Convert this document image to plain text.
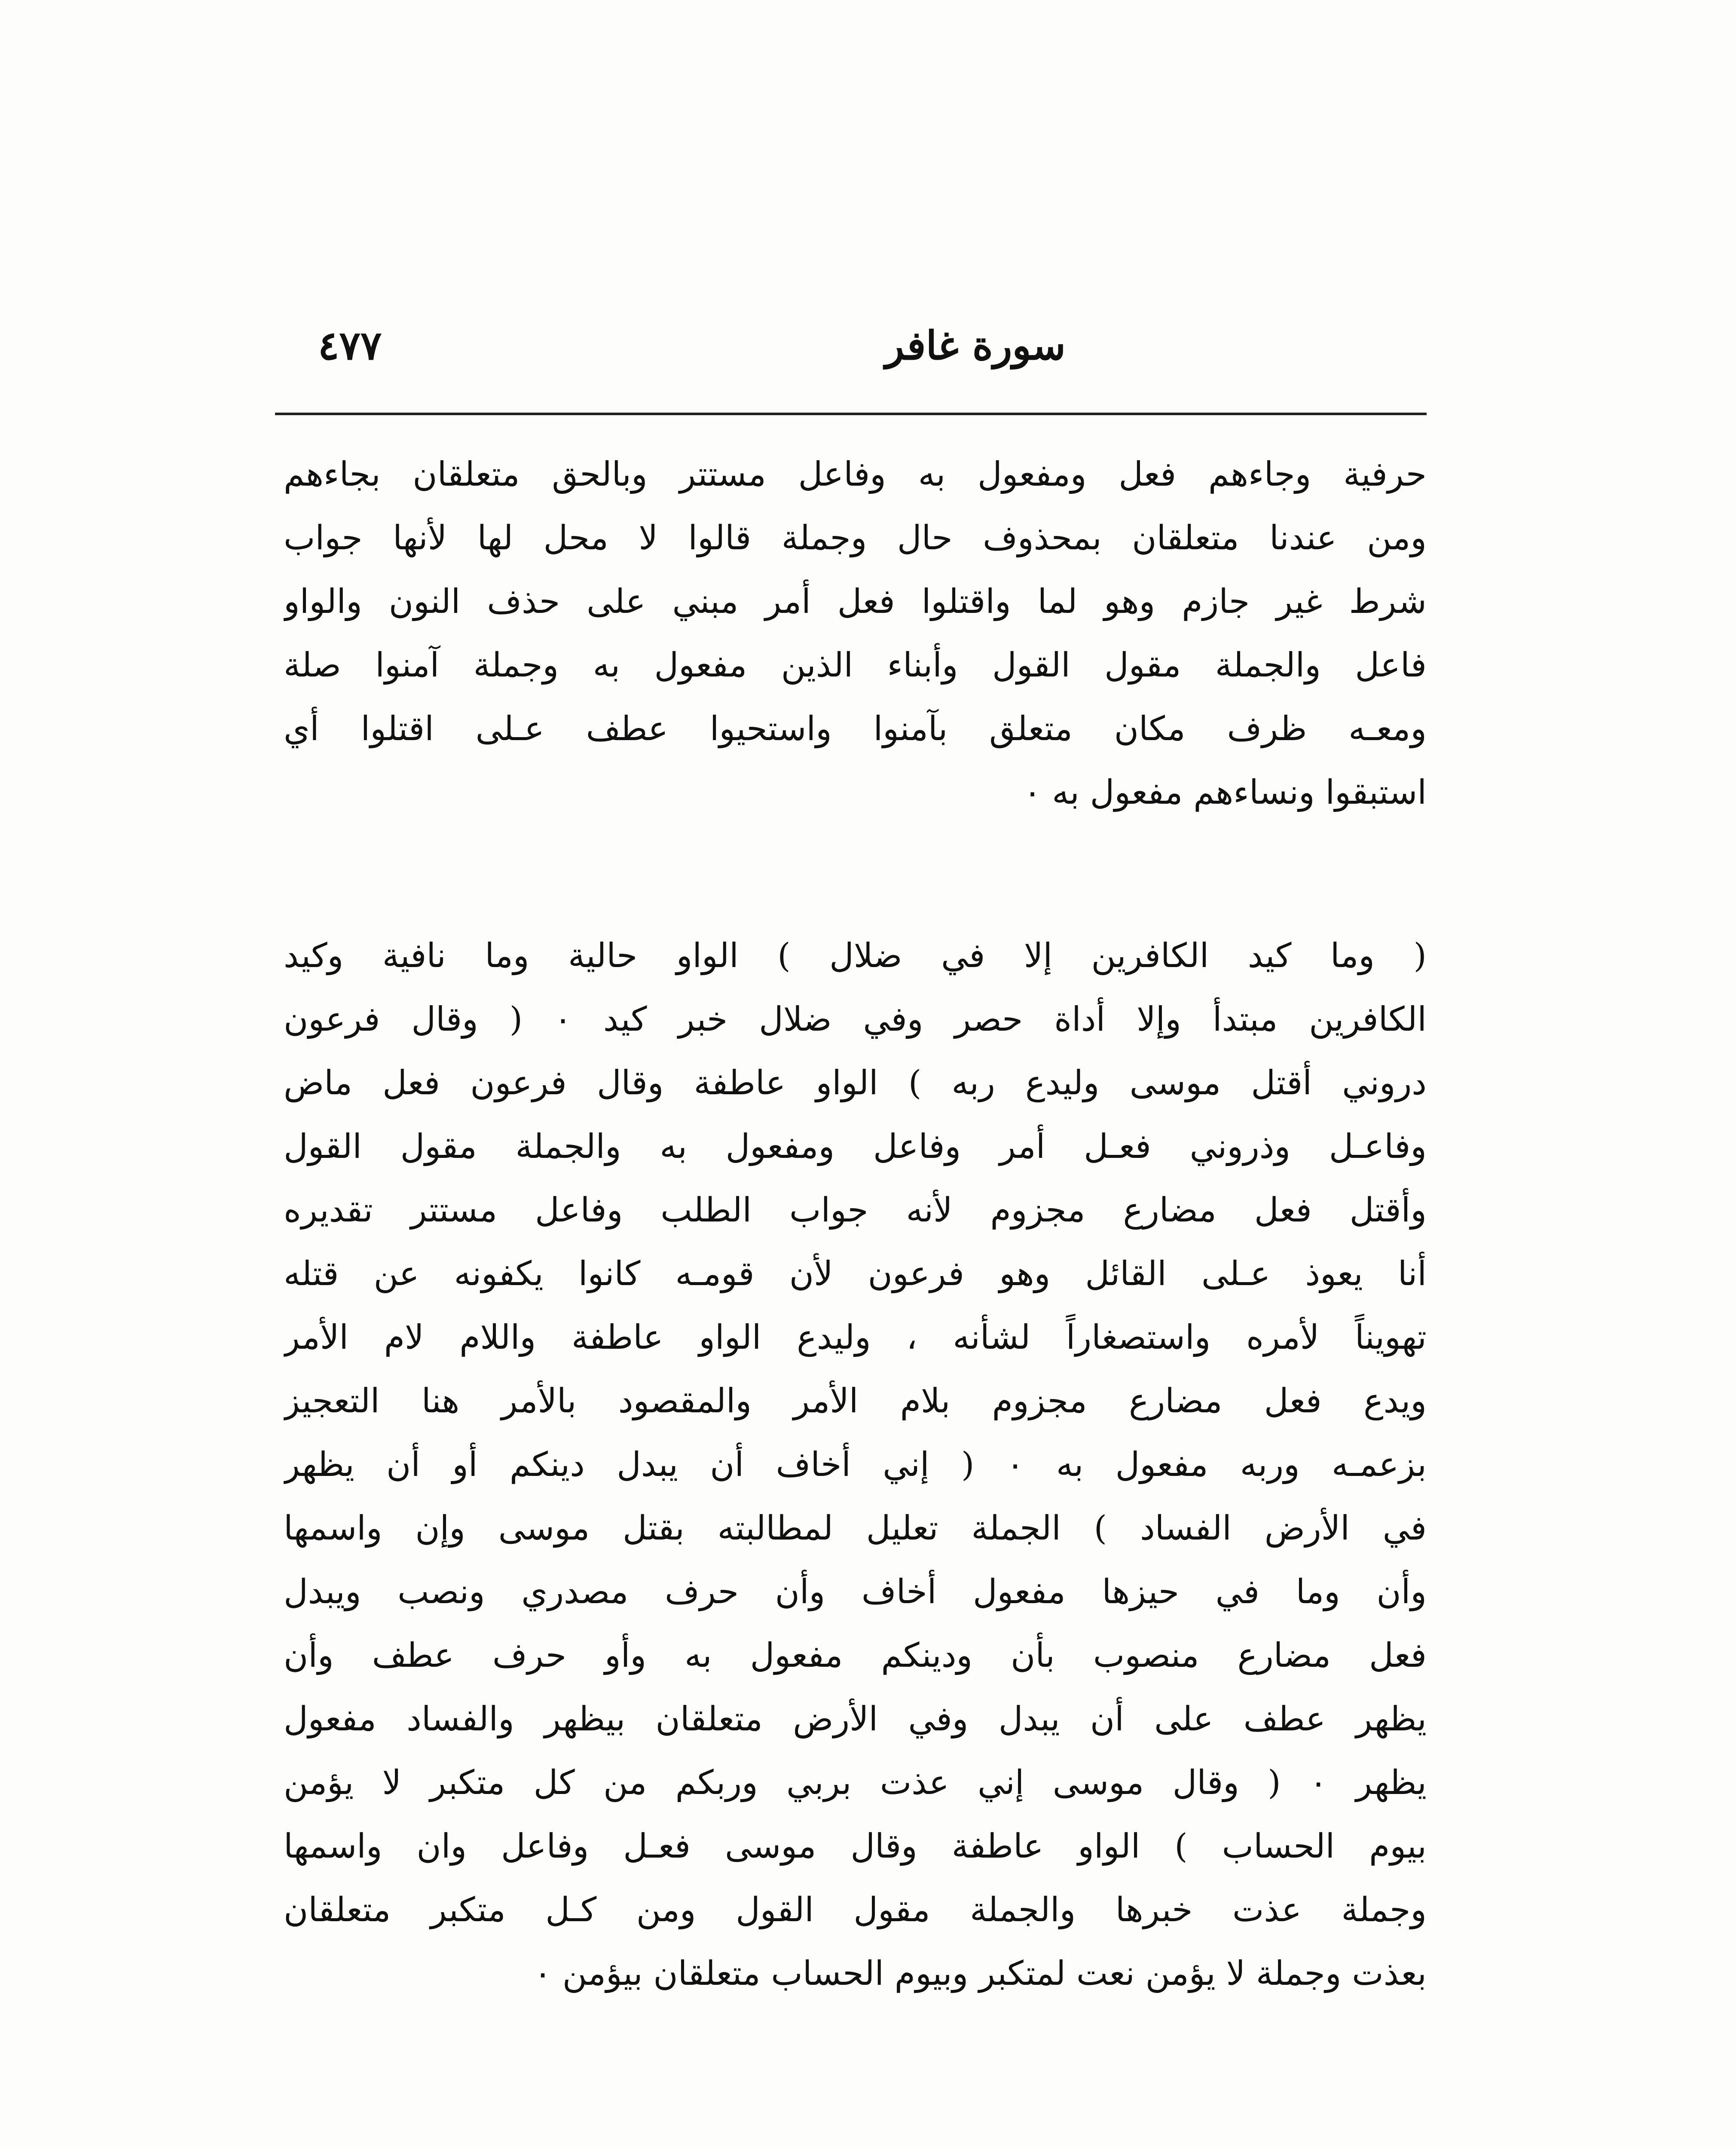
سورة غافر
٤٧٧
حرفية وجاءهم فعل ومفعول به وفاعل مستتر وبالحق متعلقان بجاءهم
ومن عندنا متعلقان بمحذوف حال وجملة قالوا لا محل لها لأنها جواب
شرط غير جازم وهو لما واقتلوا فعل أمر مبني على حذف النون والواو
فاعل والجملة مقول القول وأبناء الذين مفعول به وجملة آمنوا صلة
ومعـه ظرف مكان متعلق بآمنوا واستحيوا عطف عـلى اقتلوا أي
استبقوا ونساءهم مفعول به ٠
( وما كيد الكافرين إلا في ضلال ) الواو حالية وما نافية وكيد
الكافرين مبتدأ وإلا أداة حصر وفي ضلال خبر كيد ٠ ( وقال فرعون
دروني أقتل موسى وليدع ربه ) الواو عاطفة وقال فرعون فعل ماض
وفاعـل وذروني فعـل أمر وفاعل ومفعول به والجملة مقول القول
وأقتل فعل مضارع مجزوم لأنه جواب الطلب وفاعل مستتر تقديره
أنا يعوذ عـلى القائل وهو فرعون لأن قومـه كانوا يكفونه عن قتله
تهويناً لأمره واستصغاراً لشأنه ، وليدع الواو عاطفة واللام لام الأمر
ويدع فعل مضارع مجزوم بلام الأمر والمقصود بالأمر هنا التعجيز
بزعمـه وربه مفعول به ٠ ( إني أخاف أن يبدل دينكم أو أن يظهر
في الأرض الفساد ) الجملة تعليل لمطالبته بقتل موسى وإن واسمها
وأن وما في حيزها مفعول أخاف وأن حرف مصدري ونصب ويبدل
فعل مضارع منصوب بأن ودينكم مفعول به وأو حرف عطف وأن
يظهر عطف على أن يبدل وفي الأرض متعلقان بيظهر والفساد مفعول
يظهر ٠ ( وقال موسى إني عذت بربي وربكم من كل متكبر لا يؤمن
بيوم الحساب ) الواو عاطفة وقال موسى فعـل وفاعل وان واسمها
وجملة عذت خبرها والجملة مقول القول ومن كـل متكبر متعلقان
بعذت وجملة لا يؤمن نعت لمتكبر وبيوم الحساب متعلقان بيؤمن ٠
